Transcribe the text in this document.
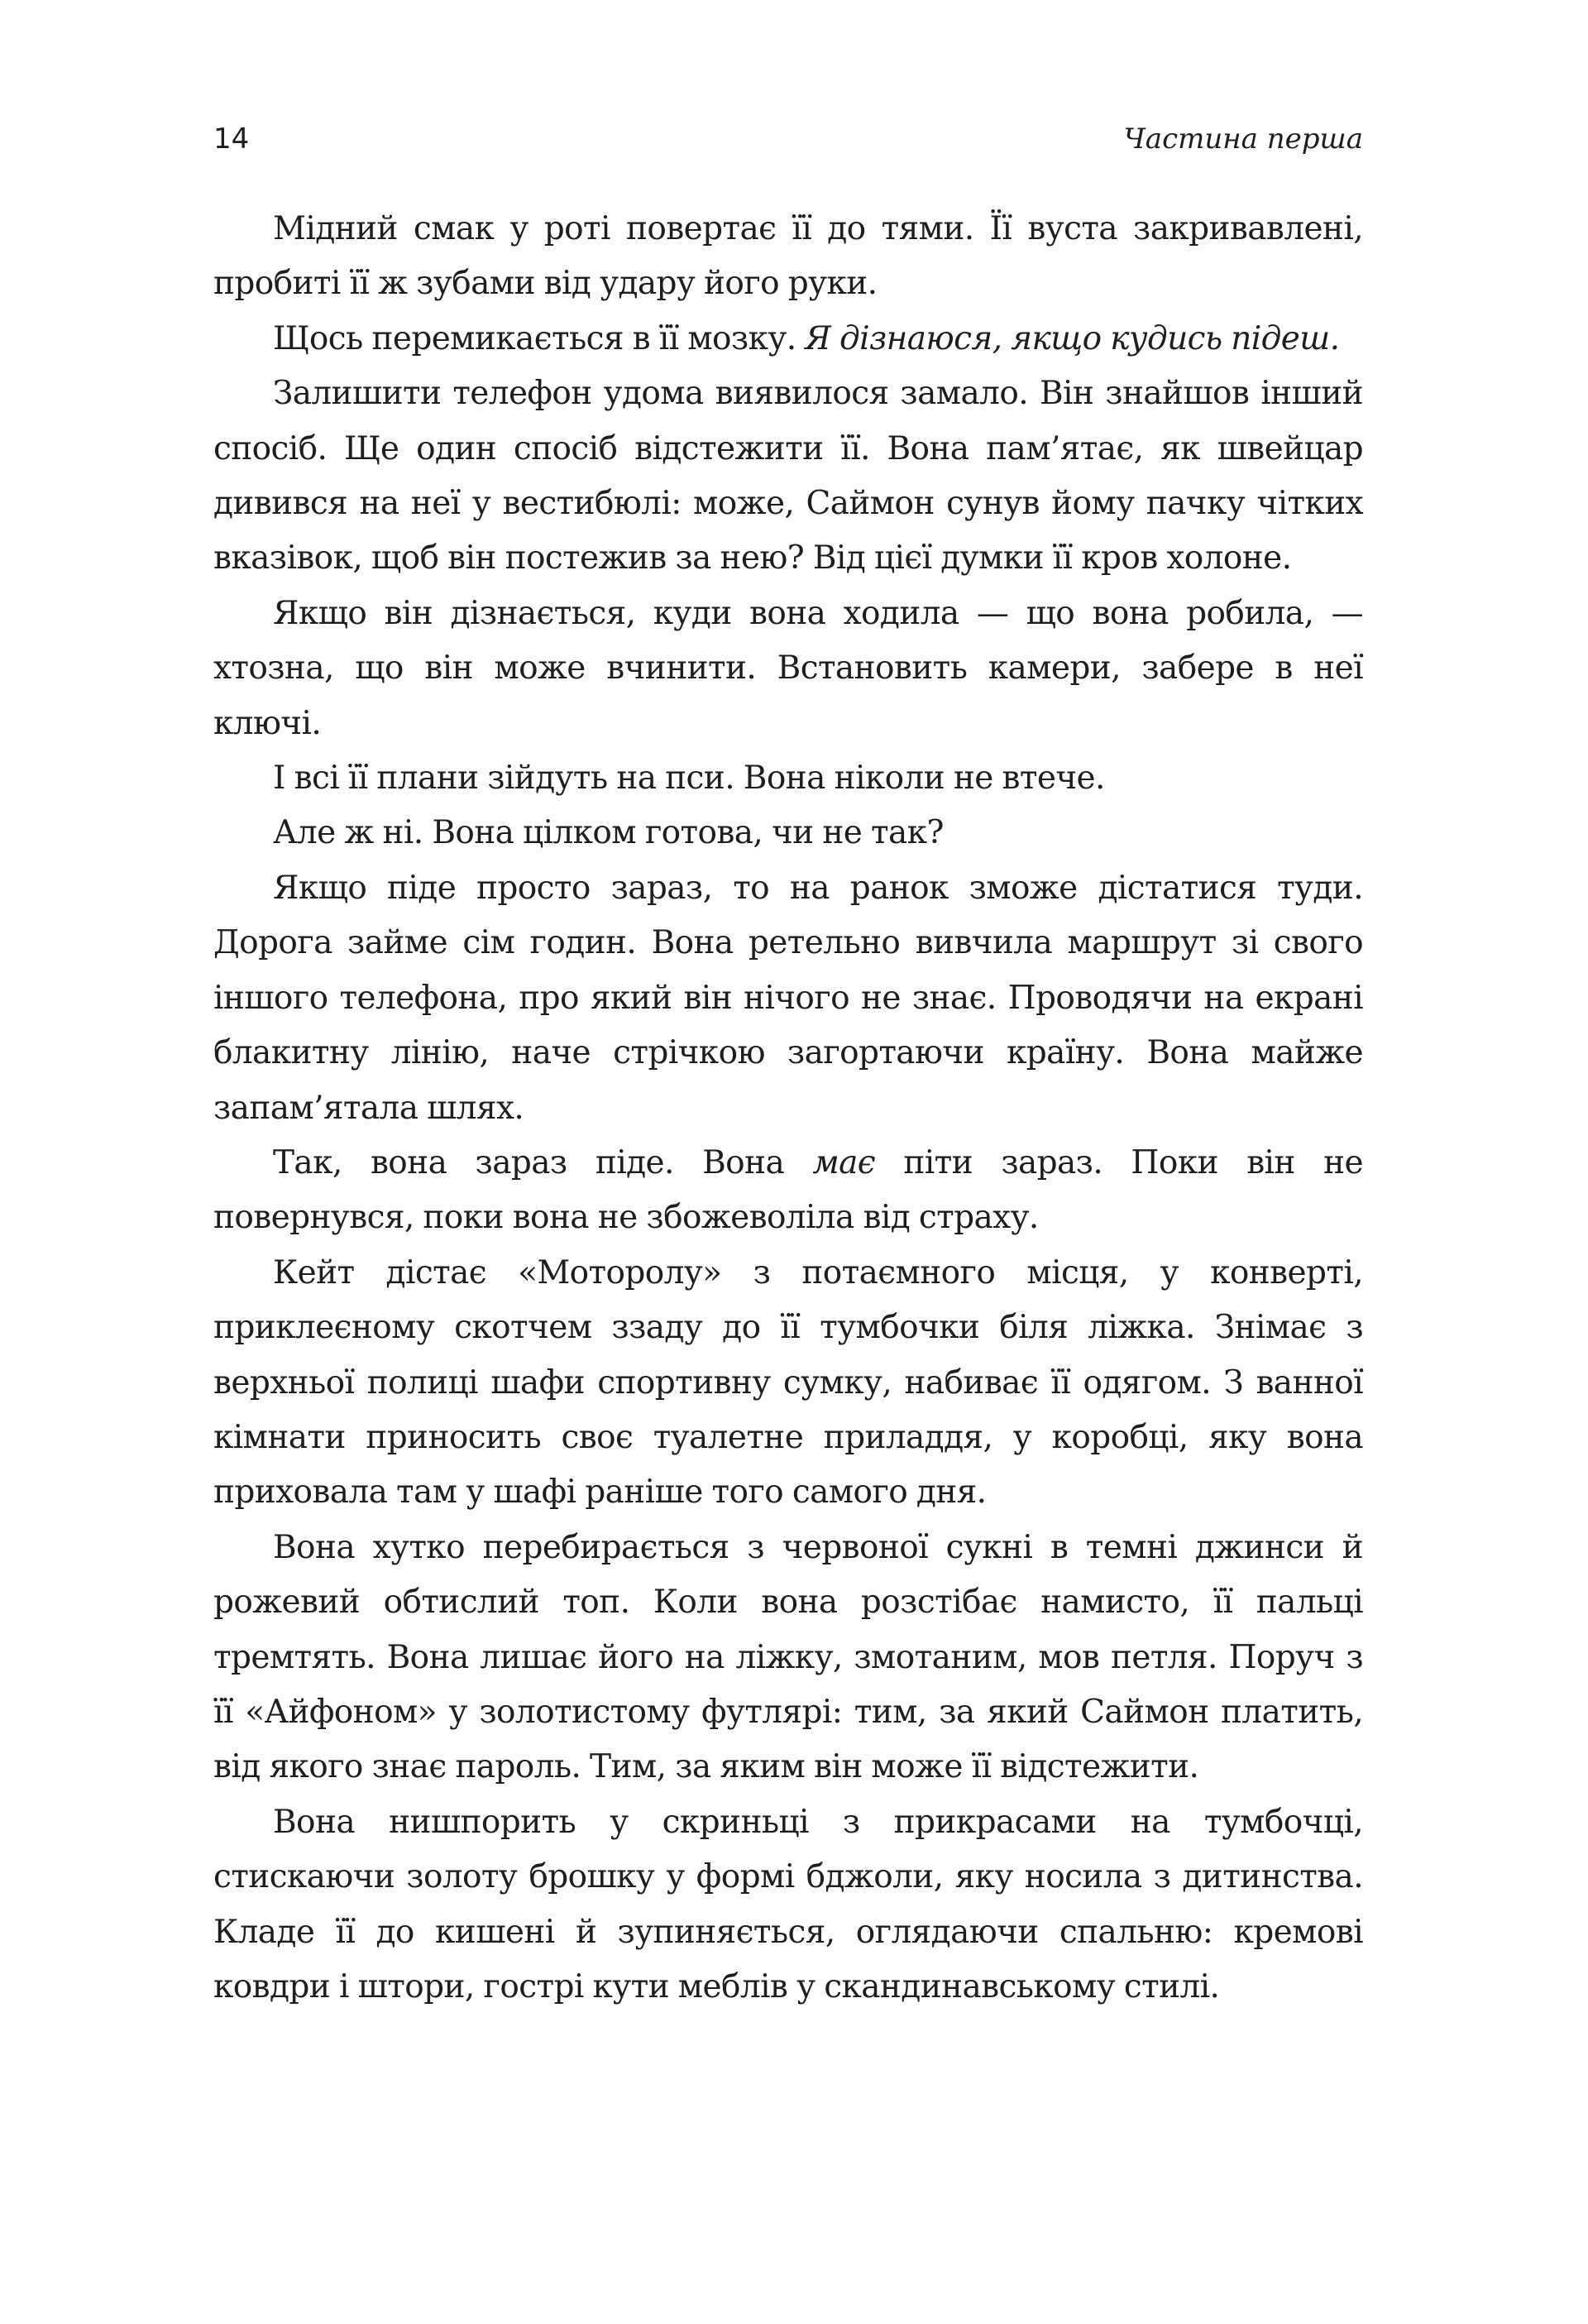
14	Частина перша

Мідний смак у роті повертає її до тями. Її вуста закривавлені, пробиті її ж зубами від удару його руки.

Щось перемикається в її мозку. Я дізнаюся, якщо кудись підеш.

Залишити телефон удома виявилося замало. Він знайшов інший спосіб. Ще один спосіб відстежити її. Вона пам’ятає, як швейцар дивився на неї у вестибюлі: може, Саймон сунув йому пачку чітких вказівок, щоб він постежив за нею? Від цієї думки її кров холоне.

Якщо він дізнається, куди вона ходила — що вона робила, — хтозна, що він може вчинити. Встановить камери, забере в неї ключі.

І всі її плани зійдуть на пси. Вона ніколи не втече.

Але ж ні. Вона цілком готова, чи не так?

Якщо піде просто зараз, то на ранок зможе дістатися туди. Дорога займе сім годин. Вона ретельно вивчила маршрут зі свого іншого телефона, про який він нічого не знає. Проводячи на екрані блакитну лінію, наче стрічкою загортаючи країну. Вона майже запам’ятала шлях.

Так, вона зараз піде. Вона має піти зараз. Поки він не повернувся, поки вона не збожеволіла від страху.

Кейт дістає «Моторолу» з потаємного місця, у конверті, приклеєному скотчем ззаду до її тумбочки біля ліжка. Знімає з верхньої полиці шафи спортивну сумку, набиває її одягом. З ванної кімнати приносить своє туалетне приладдя, у коробці, яку вона приховала там у шафі раніше того самого дня.

Вона хутко перебирається з червоної сукні в темні джинси й рожевий обтислий топ. Коли вона розстібає намисто, її пальці тремтять. Вона лишає його на ліжку, змотаним, мов петля. Поруч з її «Айфоном» у золотистому футлярі: тим, за який Саймон платить, від якого знає пароль. Тим, за яким він може її відстежити.

Вона нишпорить у скриньці з прикрасами на тумбочці, стискаючи золоту брошку у формі бджоли, яку носила з дитинства. Кладе її до кишені й зупиняється, оглядаючи спальню: кремові ковдри і штори, гострі кути меблів у скандинавському стилі.
